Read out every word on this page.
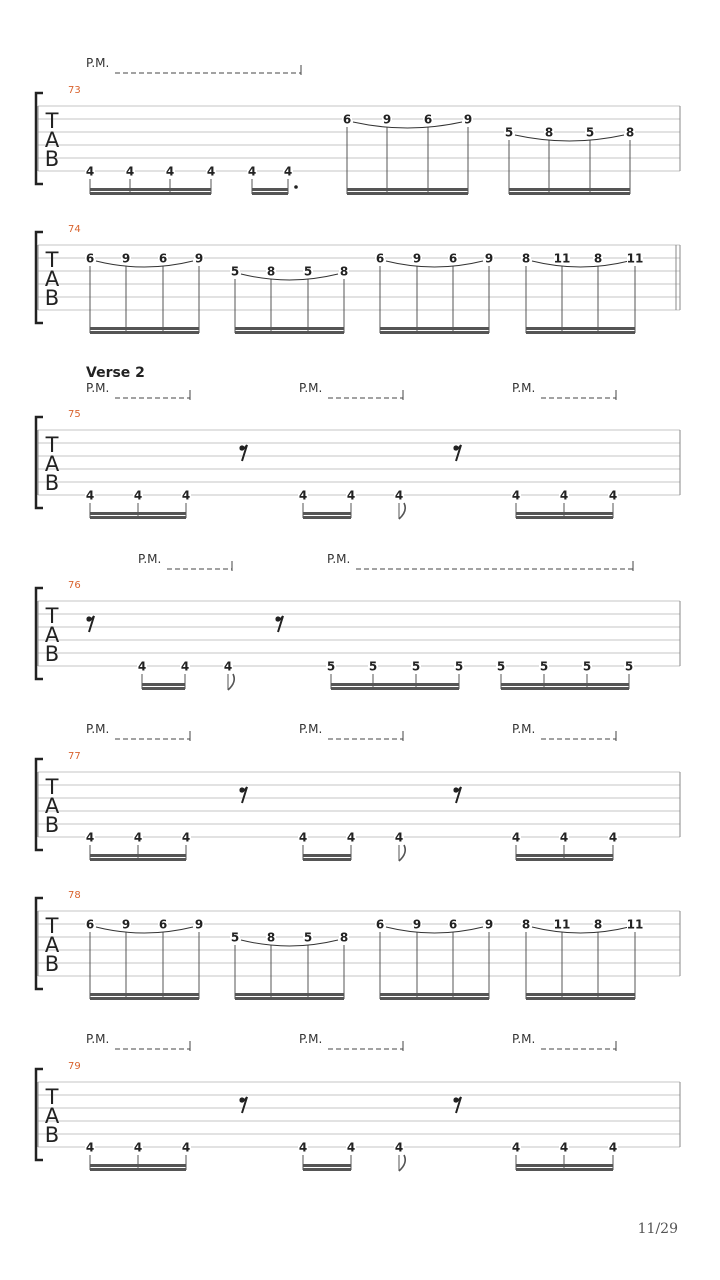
P.M.
73
T
A
B
4	4	4	4	4 4
6	9	6	9
5	8	5	8
74
T
A
B
6 9 6 9
5 8 5 8
6 9 6 9 8 11 8 11
P.M.	P.M.	P.M.
Verse 2
75
T
A
B
4	4	4	4	4	4	4	4	4
P.M.	P.M.
76
T
A
B
4	4	4	5	5	5	5	5	5	5	5
P.M.	P.M.	P.M.
77
T
A
B
4	4	4	4	4	4	4	4	4
78
T
A
B
6 9 6 9
5 8 5 8
6 9 6 9 8 11 8 11
P.M.	P.M.	P.M.
79
T
A
B
4	4	4	4	4	4	4	4	4
11/29
